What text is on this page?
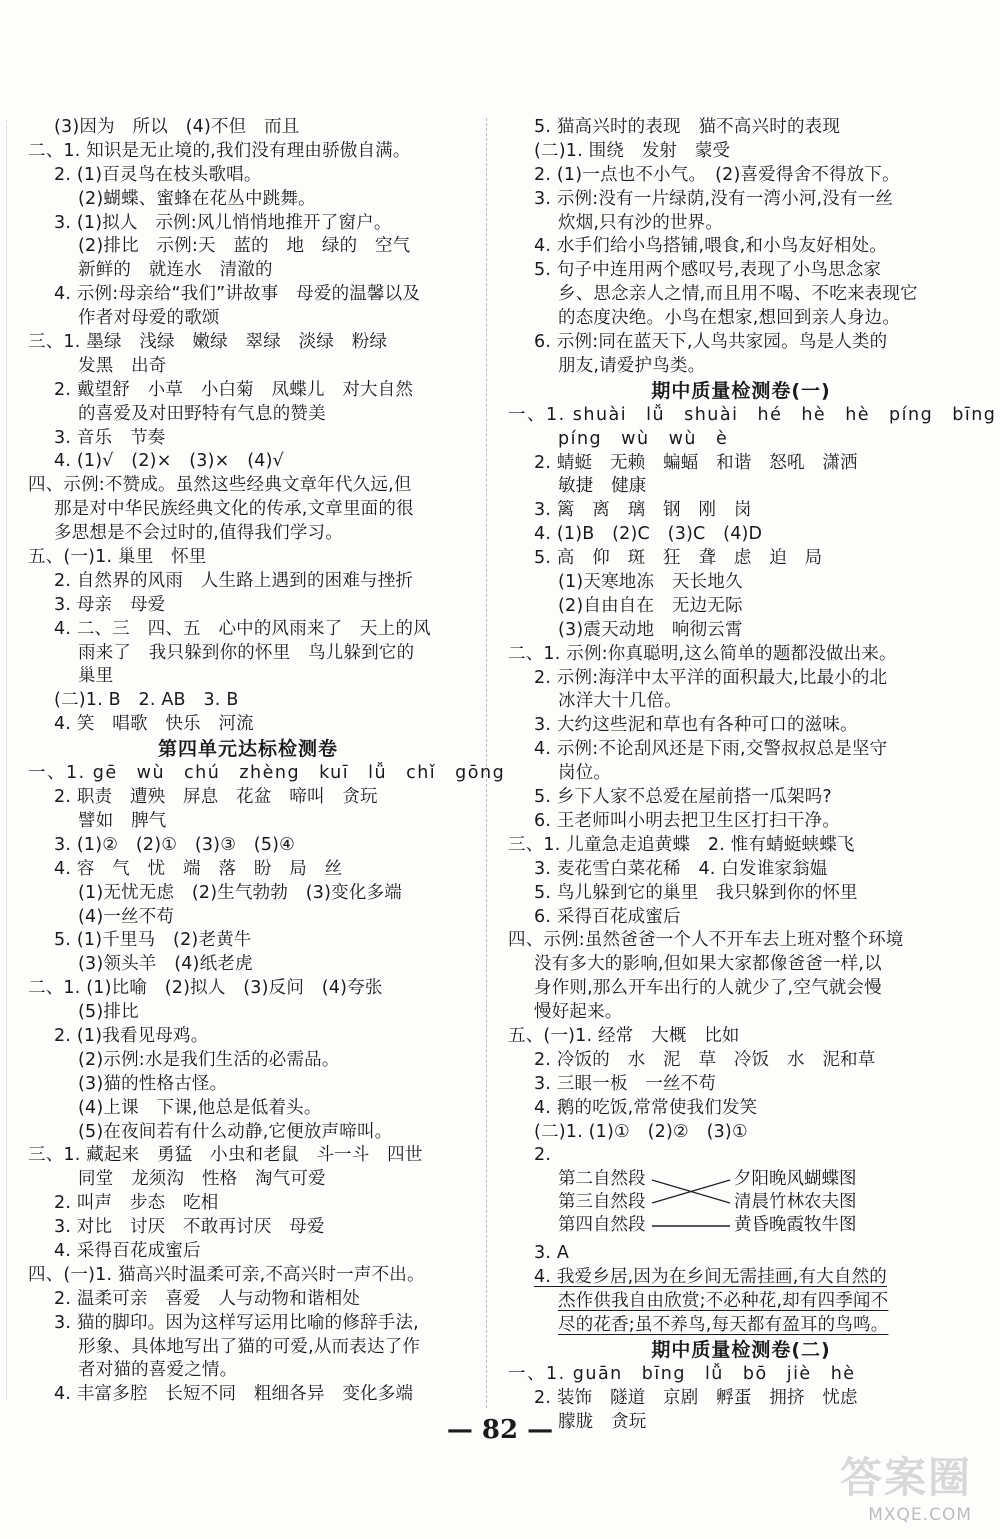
(3)因为　所以　(4)不但　而且
二、1. 知识是无止境的,我们没有理由骄傲自满。
2. (1)百灵鸟在枝头歌唱。
(2)蝴蝶、蜜蜂在花丛中跳舞。
3. (1)拟人　示例:风儿悄悄地推开了窗户。
(2)排比　示例:天　蓝的　地　绿的　空气
新鲜的　就连水　清澈的
4. 示例:母亲给“我们”讲故事　母爱的温馨以及
作者对母爱的歌颂
三、1. 墨绿　浅绿　嫩绿　翠绿　淡绿　粉绿
发黑　出奇
2. 戴望舒　小草　小白菊　凤蝶儿　对大自然
的喜爱及对田野特有气息的赞美
3. 音乐　节奏
4. (1)√　(2)×　(3)×　(4)√
四、示例:不赞成。虽然这些经典文章年代久远,但
那是对中华民族经典文化的传承,文章里面的很
多思想是不会过时的,值得我们学习。
五、(一)1. 巢里　怀里
2. 自然界的风雨　人生路上遇到的困难与挫折
3. 母亲　母爱
4. 二、三　四、五　心中的风雨来了　天上的风
雨来了　我只躲到你的怀里　鸟儿躲到它的
巢里
(二)1. B　2. AB　3. B
4. 笑　唱歌　快乐　河流
第四单元达标检测卷
一、1. gē　wù　chú　zhèng　kuī　lǚ　chǐ　gōng
2. 职责　遭殃　屏息　花盆　啼叫　贪玩
譬如　脾气
3. (1)②　(2)①　(3)③　(5)④
4. 容　气　忧　端　落　盼　局　丝
(1)无忧无虑　(2)生气勃勃　(3)变化多端
(4)一丝不苟
5. (1)千里马　(2)老黄牛
(3)领头羊　(4)纸老虎
二、1. (1)比喻　(2)拟人　(3)反问　(4)夸张
(5)排比
2. (1)我看见母鸡。
(2)示例:水是我们生活的必需品。
(3)猫的性格古怪。
(4)上课　下课,他总是低着头。
(5)在夜间若有什么动静,它便放声啼叫。
三、1. 藏起来　勇猛　小虫和老鼠　斗一斗　四世
同堂　龙须沟　性格　淘气可爱
2. 叫声　步态　吃相
3. 对比　讨厌　不敢再讨厌　母爱
4. 采得百花成蜜后
四、(一)1. 猫高兴时温柔可亲,不高兴时一声不出。
2. 温柔可亲　喜爱　人与动物和谐相处
3. 猫的脚印。因为这样写运用比喻的修辞手法,
形象、具体地写出了猫的可爱,从而表达了作
者对猫的喜爱之情。
4. 丰富多腔　长短不同　粗细各异　变化多端
5. 猫高兴时的表现　猫不高兴时的表现
(二)1. 围绕　发射　蒙受
2. (1)一点也不小气。　(2)喜爱得舍不得放下。
3. 示例:没有一片绿荫,没有一湾小河,没有一丝
炊烟,只有沙的世界。
4. 水手们给小鸟搭铺,喂食,和小鸟友好相处。
5. 句子中连用两个感叹号,表现了小鸟思念家
乡、思念亲人之情,而且用不喝、不吃来表现它
的态度决绝。小鸟在想家,想回到亲人身边。
6. 示例:同在蓝天下,人鸟共家园。鸟是人类的
朋友,请爱护鸟类。
期中质量检测卷(一)
一、1. shuài　lǚ　shuài　hé　hè　hè　píng　bīng
píng　wù　wù　è
2. 蜻蜓　无赖　蝙蝠　和谐　怒吼　潇洒
敏捷　健康
3. 篱　离　璃　钢　刚　岗
4. (1)B　(2)C　(3)C　(4)D
5. 高　仰　斑　狂　聋　虑　迫　局
(1)天寒地冻　天长地久
(2)自由自在　无边无际
(3)震天动地　响彻云霄
二、1. 示例:你真聪明,这么简单的题都没做出来。
2. 示例:海洋中太平洋的面积最大,比最小的北
冰洋大十几倍。
3. 大约这些泥和草也有各种可口的滋味。
4. 示例:不论刮风还是下雨,交警叔叔总是坚守
岗位。
5. 乡下人家不总爱在屋前搭一瓜架吗?
6. 王老师叫小明去把卫生区打扫干净。
三、1. 儿童急走追黄蝶　2. 惟有蜻蜓蛱蝶飞
3. 麦花雪白菜花稀　4. 白发谁家翁媪
5. 鸟儿躲到它的巢里　我只躲到你的怀里
6. 采得百花成蜜后
四、示例:虽然爸爸一个人不开车去上班对整个环境
没有多大的影响,但如果大家都像爸爸一样,以
身作则,那么开车出行的人就少了,空气就会慢
慢好起来。
五、(一)1. 经常　大概　比如
2. 冷饭的　水　泥　草　冷饭　水　泥和草
3. 三眼一板　一丝不苟
4. 鹅的吃饭,常常使我们发笑
(二)1. (1)①　(2)②　(3)①
2.
第二自然段
第三自然段
第四自然段
夕阳晚风蝴蝶图
清晨竹林农夫图
黄昏晚霞牧牛图
3. A
4. 我爱乡居,因为在乡间无需挂画,有大自然的
杰作供我自由欣赏;不必种花,却有四季闻不
尽的花香;虽不养鸟,每天都有盈耳的鸟鸣。
期中质量检测卷(二)
一、1. guān　bīng　lǚ　bō　jiè　hè
2. 装饰　隧道　京剧　孵蛋　拥挤　忧虑
朦胧　贪玩
— 82 —
答案圈
MXQE.COM
